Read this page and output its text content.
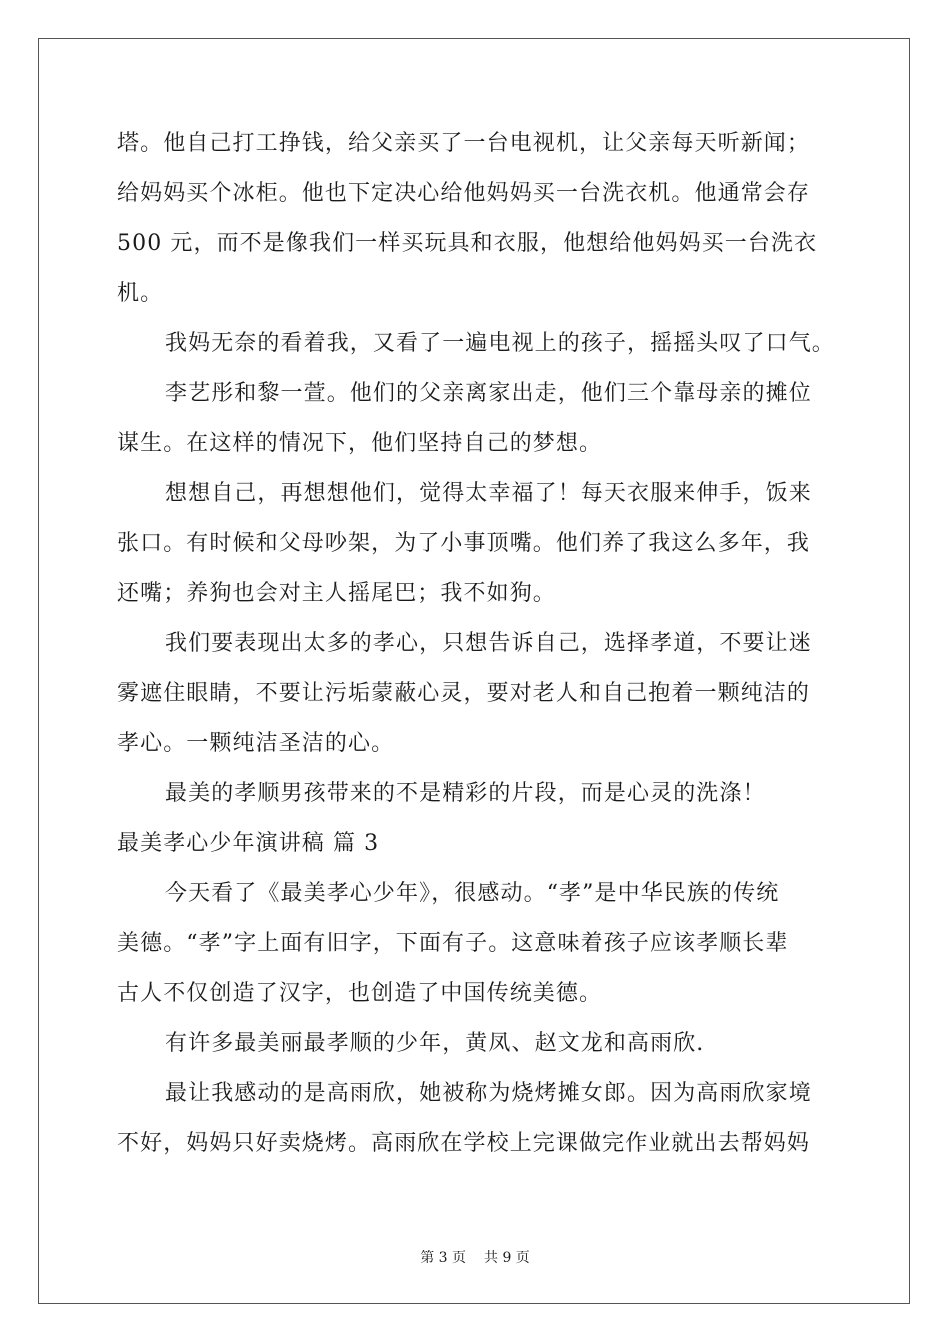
塔。他自己打工挣钱，给父亲买了一台电视机，让父亲每天听新闻；
给妈妈买个冰柜。他也下定决心给他妈妈买一台洗衣机。他通常会存
500 元，而不是像我们一样买玩具和衣服，他想给他妈妈买一台洗衣
机。
我妈无奈的看着我，又看了一遍电视上的孩子，摇摇头叹了口气。
李艺彤和黎一萱。他们的父亲离家出走，他们三个靠母亲的摊位
谋生。在这样的情况下，他们坚持自己的梦想。
想想自己，再想想他们，觉得太幸福了！每天衣服来伸手，饭来
张口。有时候和父母吵架，为了小事顶嘴。他们养了我这么多年，我
还嘴；养狗也会对主人摇尾巴；我不如狗。
我们要表现出太多的孝心，只想告诉自己，选择孝道，不要让迷
雾遮住眼睛，不要让污垢蒙蔽心灵，要对老人和自己抱着一颗纯洁的
孝心。一颗纯洁圣洁的心。
最美的孝顺男孩带来的不是精彩的片段，而是心灵的洗涤！
最美孝心少年演讲稿 篇 3
今天看了《最美孝心少年》，很感动。“孝”是中华民族的传统
美德。“孝”字上面有旧字，下面有子。这意味着孩子应该孝顺长辈
古人不仅创造了汉字，也创造了中国传统美德。
有许多最美丽最孝顺的少年，黄凤、赵文龙和高雨欣.
最让我感动的是高雨欣，她被称为烧烤摊女郎。因为高雨欣家境
不好，妈妈只好卖烧烤。高雨欣在学校上完课做完作业就出去帮妈妈
第 3 页 共 9 页
